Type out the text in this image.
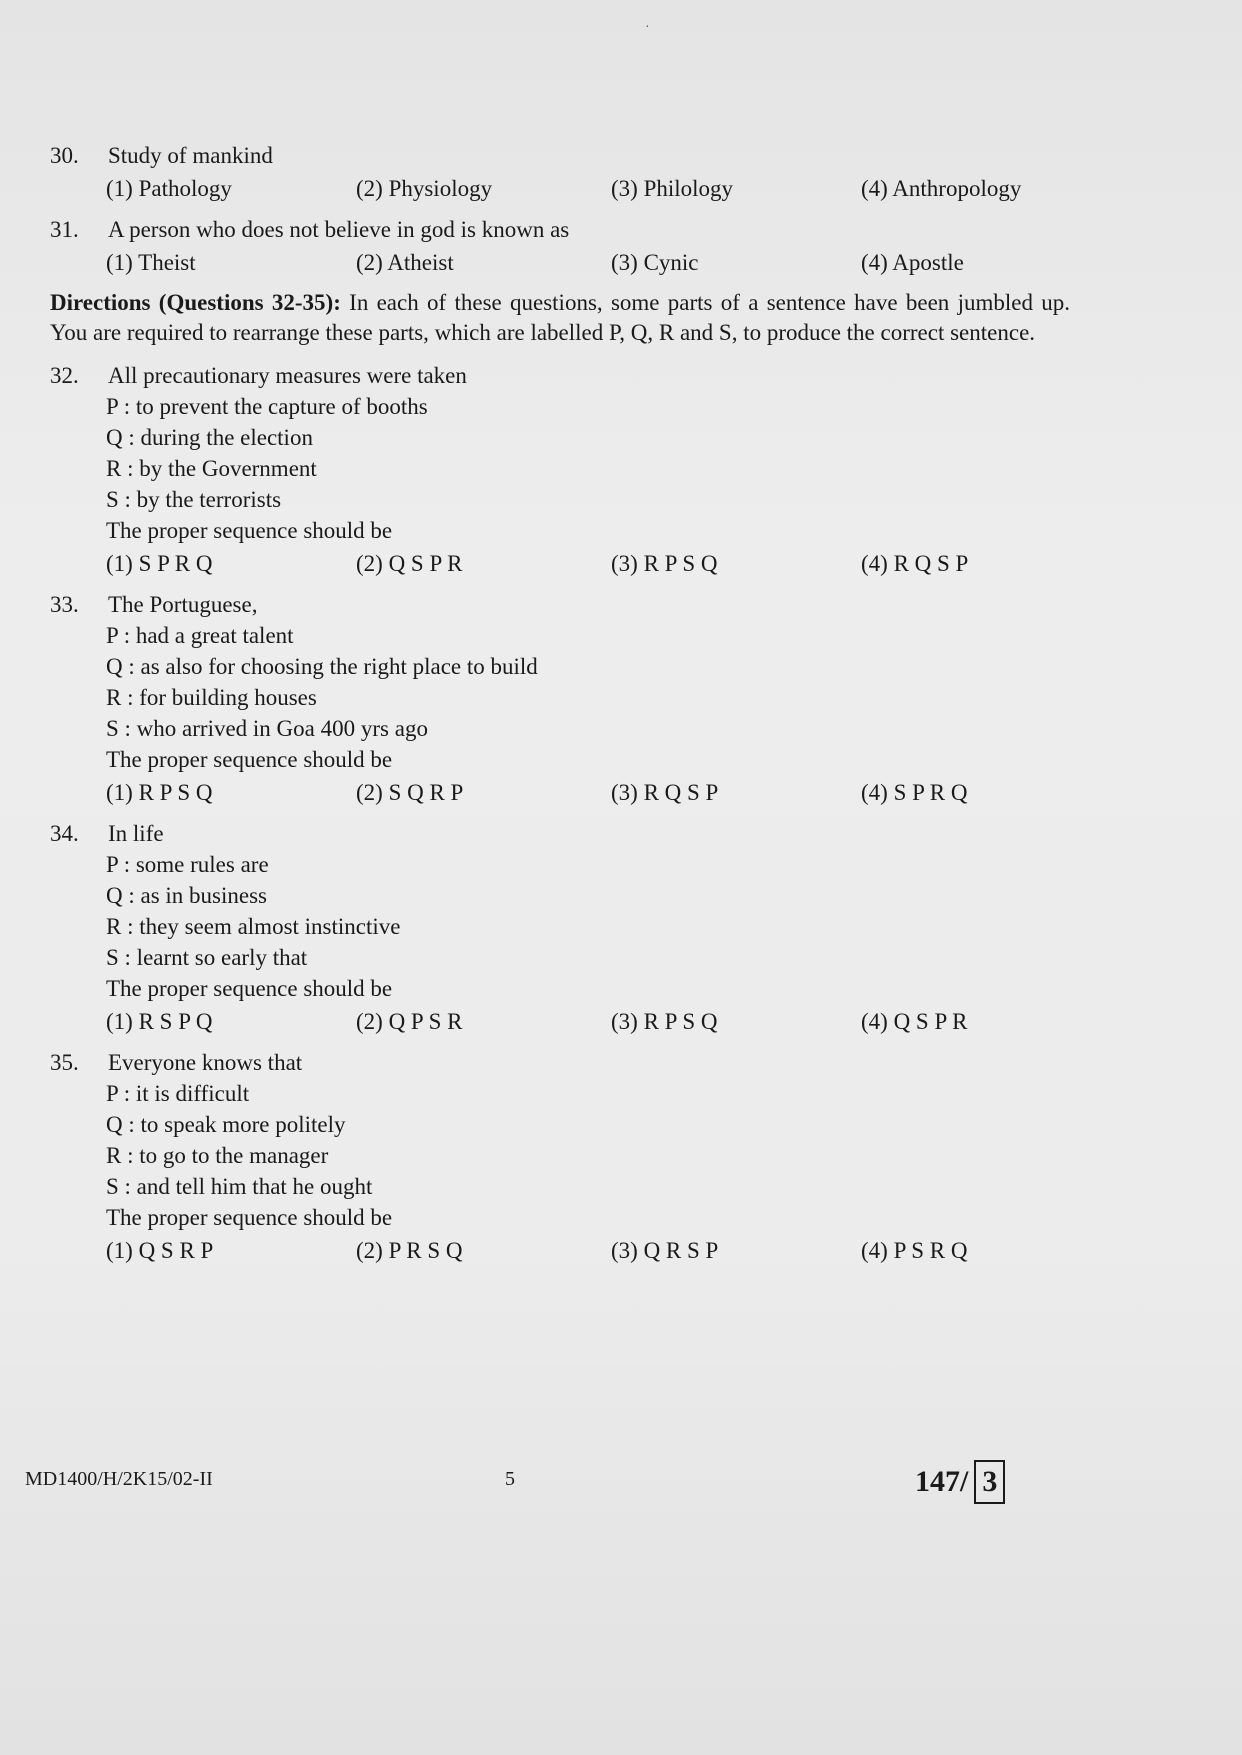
·
30.	Study of mankind
(1) Pathology	(2) Physiology	(3) Philology	(4) Anthropology
31.	A person who does not believe in god is known as
(1) Theist	(2) Atheist	(3) Cynic	(4) Apostle
Directions (Questions 32-35): In each of these questions, some parts of a sentence have been jumbled up. You are required to rearrange these parts, which are labelled P, Q, R and S, to produce the correct sentence.
32.	All precautionary measures were taken
P : to prevent the capture of booths
Q : during the election
R : by the Government
S : by the terrorists
The proper sequence should be
(1) S P R Q	(2) Q S P R	(3) R P S Q	(4) R Q S P
33.	The Portuguese,
P : had a great talent
Q : as also for choosing the right place to build
R : for building houses
S : who arrived in Goa 400 yrs ago
The proper sequence should be
(1) R P S Q	(2) S Q R P	(3) R Q S P	(4) S P R Q
34.	In life
P : some rules are
Q : as in business
R : they seem almost instinctive
S : learnt so early that
The proper sequence should be
(1) R S P Q	(2) Q P S R	(3) R P S Q	(4) Q S P R
35.	Everyone knows that
P : it is difficult
Q : to speak more politely
R : to go to the manager
S : and tell him that he ought
The proper sequence should be
(1) Q S R P	(2) P R S Q	(3) Q R S P	(4) P S R Q
MD1400/H/2K15/02-II	5	147/ 3
